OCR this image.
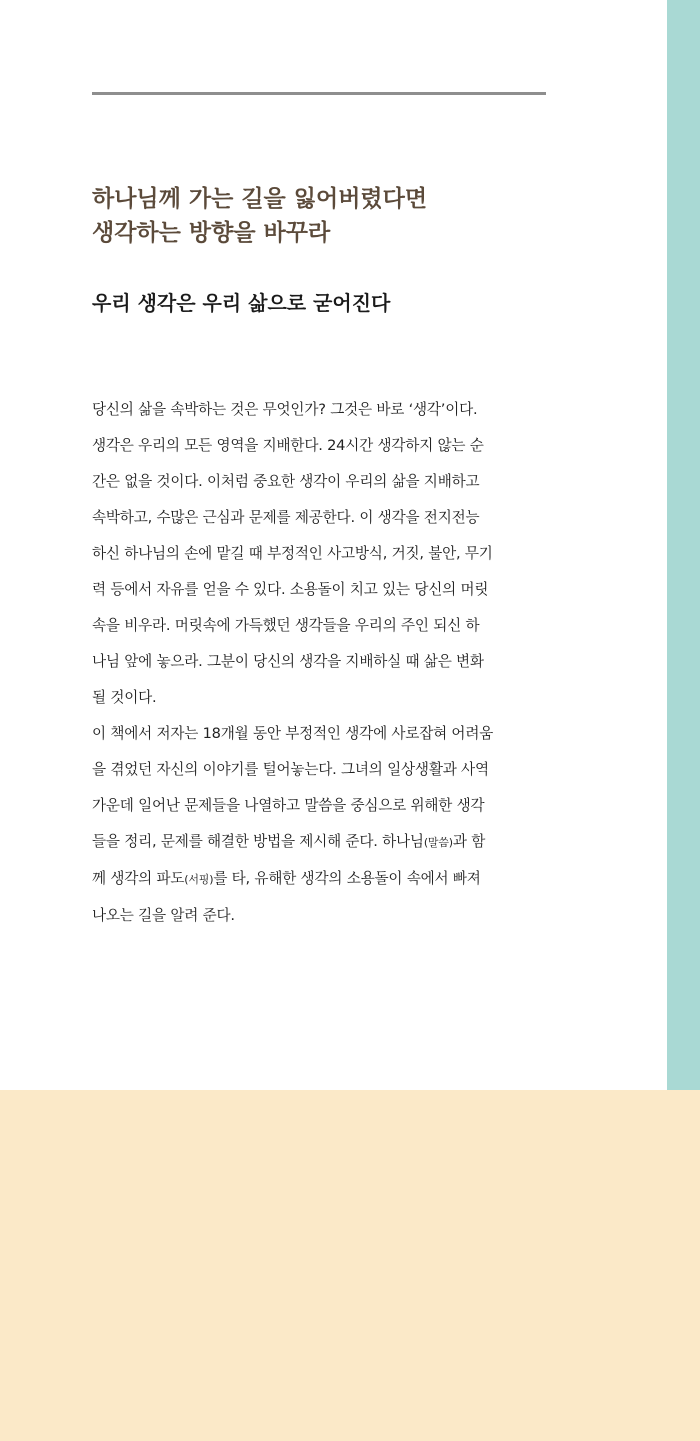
하나님께 가는 길을 잃어버렸다면
생각하는 방향을 바꾸라
우리 생각은 우리 삶으로 굳어진다
당신의 삶을 속박하는 것은 무엇인가? 그것은 바로 ‘생각’이다.
생각은 우리의 모든 영역을 지배한다. 24시간 생각하지 않는 순
간은 없을 것이다. 이처럼 중요한 생각이 우리의 삶을 지배하고
속박하고, 수많은 근심과 문제를 제공한다. 이 생각을 전지전능
하신 하나님의 손에 맡길 때 부정적인 사고방식, 거짓, 불안, 무기
력 등에서 자유를 얻을 수 있다. 소용돌이 치고 있는 당신의 머릿
속을 비우라. 머릿속에 가득했던 생각들을 우리의 주인 되신 하
나님 앞에 놓으라. 그분이 당신의 생각을 지배하실 때 삶은 변화
될 것이다.
이 책에서 저자는 18개월 동안 부정적인 생각에 사로잡혀 어려움
을 겪었던 자신의 이야기를 털어놓는다. 그녀의 일상생활과 사역
가운데 일어난 문제들을 나열하고 말씀을 중심으로 위해한 생각
들을 정리, 문제를 해결한 방법을 제시해 준다. 하나님(말씀)과 함
께 생각의 파도(서핑)를 타, 유해한 생각의 소용돌이 속에서 빠져
나오는 길을 알려 준다.
